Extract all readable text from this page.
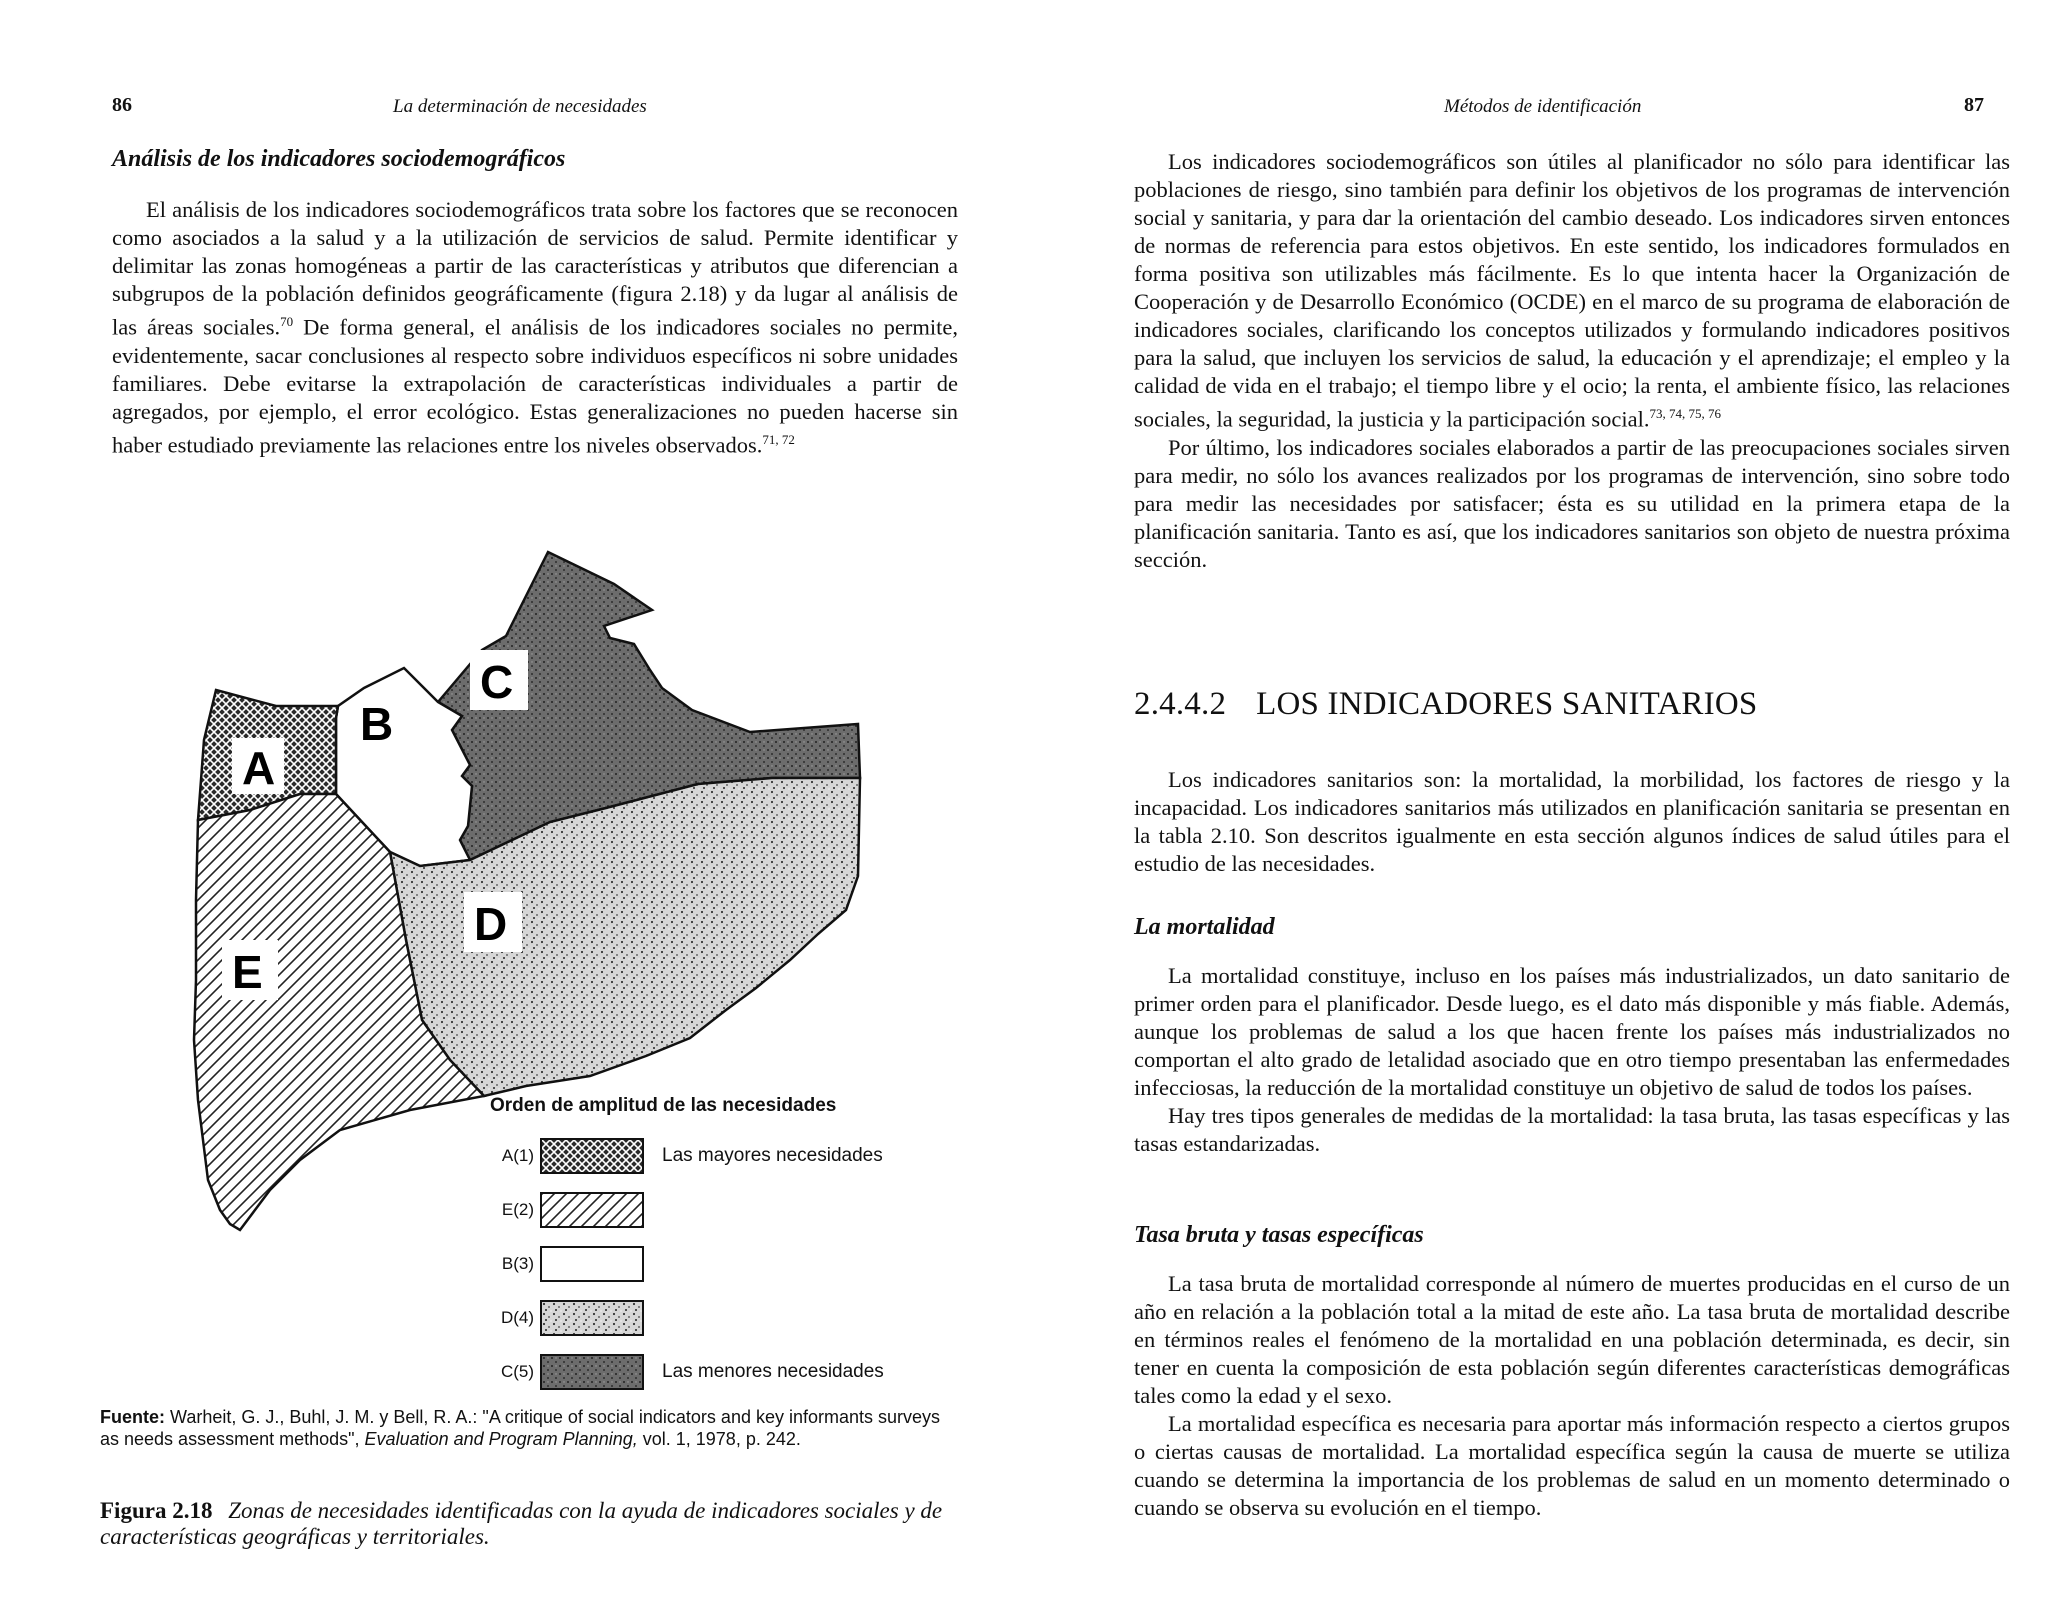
86	La determinación de necesidades
Análisis de los indicadores sociodemográficos

El análisis de los indicadores sociodemográficos trata sobre los factores que se reconocen como asociados a la salud y a la utilización de servicios de salud. Permite identificar y delimitar las zonas homogéneas a partir de las características y atributos que diferencian a subgrupos de la población definidos geográficamente (figura 2.18) y da lugar al análisis de las áreas sociales.$^{70}$ De forma general, el análisis de los indicadores sociales no permite, evidentemente, sacar conclusiones al respecto sobre individuos específicos ni sobre unidades familiares. Debe evitarse la extrapolación de características individuales a partir de agregados, por ejemplo, el error ecológico. Estas generalizaciones no pueden hacerse sin haber estudiado previamente las relaciones entre los niveles observados.$^{71, 72}$

A
B
C
D
E
Orden de amplitud de las necesidades
A(1)	Las mayores necesidades
E(2)
B(3)
D(4)
C(5)	Las menores necesidades
Fuente: Warheit, G. J., Buhl, J. M. y Bell, R. A.: "A critique of social indicators and key informants surveys as needs assessment methods", Evaluation and Program Planning, vol. 1, 1978, p. 242.
Figura 2.18 Zonas de necesidades identificadas con la ayuda de indicadores sociales y de características geográficas y territoriales.
Métodos de identificación	87

Los indicadores sociodemográficos son útiles al planificador no sólo para identificar las poblaciones de riesgo, sino también para definir los objetivos de los programas de intervención social y sanitaria, y para dar la orientación del cambio deseado. Los indicadores sirven entonces de normas de referencia para estos objetivos. En este sentido, los indicadores formulados en forma positiva son utilizables más fácilmente. Es lo que intenta hacer la Organización de Cooperación y de Desarrollo Económico (OCDE) en el marco de su programa de elaboración de indicadores sociales, clarificando los conceptos utilizados y formulando indicadores positivos para la salud, que incluyen los servicios de salud, la educación y el aprendizaje; el empleo y la calidad de vida en el trabajo; el tiempo libre y el ocio; la renta, el ambiente físico, las relaciones sociales, la seguridad, la justicia y la participación social.$^{73, 74, 75, 76}$

Por último, los indicadores sociales elaborados a partir de las preocupaciones sociales sirven para medir, no sólo los avances realizados por los programas de intervención, sino sobre todo para medir las necesidades por satisfacer; ésta es su utilidad en la primera etapa de la planificación sanitaria. Tanto es así, que los indicadores sanitarios son objeto de nuestra próxima sección.

2.4.4.2 LOS INDICADORES SANITARIOS

Los indicadores sanitarios son: la mortalidad, la morbilidad, los factores de riesgo y la incapacidad. Los indicadores sanitarios más utilizados en planificación sanitaria se presentan en la tabla 2.10. Son descritos igualmente en esta sección algunos índices de salud útiles para el estudio de las necesidades.

La mortalidad

La mortalidad constituye, incluso en los países más industrializados, un dato sanitario de primer orden para el planificador. Desde luego, es el dato más disponible y más fiable. Además, aunque los problemas de salud a los que hacen frente los países más industrializados no comportan el alto grado de letalidad asociado que en otro tiempo presentaban las enfermedades infecciosas, la reducción de la mortalidad constituye un objetivo de salud de todos los países.

Hay tres tipos generales de medidas de la mortalidad: la tasa bruta, las tasas específicas y las tasas estandarizadas.

Tasa bruta y tasas específicas

La tasa bruta de mortalidad corresponde al número de muertes producidas en el curso de un año en relación a la población total a la mitad de este año. La tasa bruta de mortalidad describe en términos reales el fenómeno de la mortalidad en una población determinada, es decir, sin tener en cuenta la composición de esta población según diferentes características demográficas tales como la edad y el sexo.

La mortalidad específica es necesaria para aportar más información respecto a ciertos grupos o ciertas causas de mortalidad. La mortalidad específica según la causa de muerte se utiliza cuando se determina la importancia de los problemas de salud en un momento determinado o cuando se observa su evolución en el tiempo.
